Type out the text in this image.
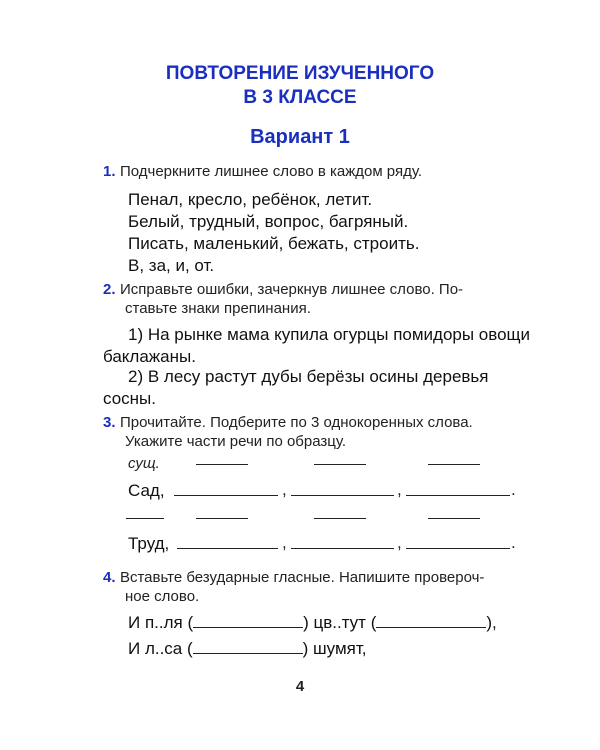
ПОВТОРЕНИЕ ИЗУЧЕННОГО
В 3 КЛАССЕ
Вариант 1
1. Подчеркните лишнее слово в каждом ряду.
Пенал, кресло, ребёнок, летит.
Белый, трудный, вопрос, багряный.
Писать, маленький, бежать, строить.
В, за, и, от.
2. Исправьте ошибки, зачеркнув лишнее слово. По-
ставьте знаки препинания.
1) На рынке мама купила огурцы помидоры овощи
баклажаны.
2) В лесу растут дубы берёзы осины деревья
сосны.
3. Прочитайте. Подберите по 3 однокоренных слова.
Укажите части речи по образцу.
сущ.
Сад,	,	,	.
Труд,	,	,	.
4. Вставьте безударные гласные. Напишите провероч-
ное слово.
И п..ля (	) цв..тут (	),
И л..са (	) шумят,
4
